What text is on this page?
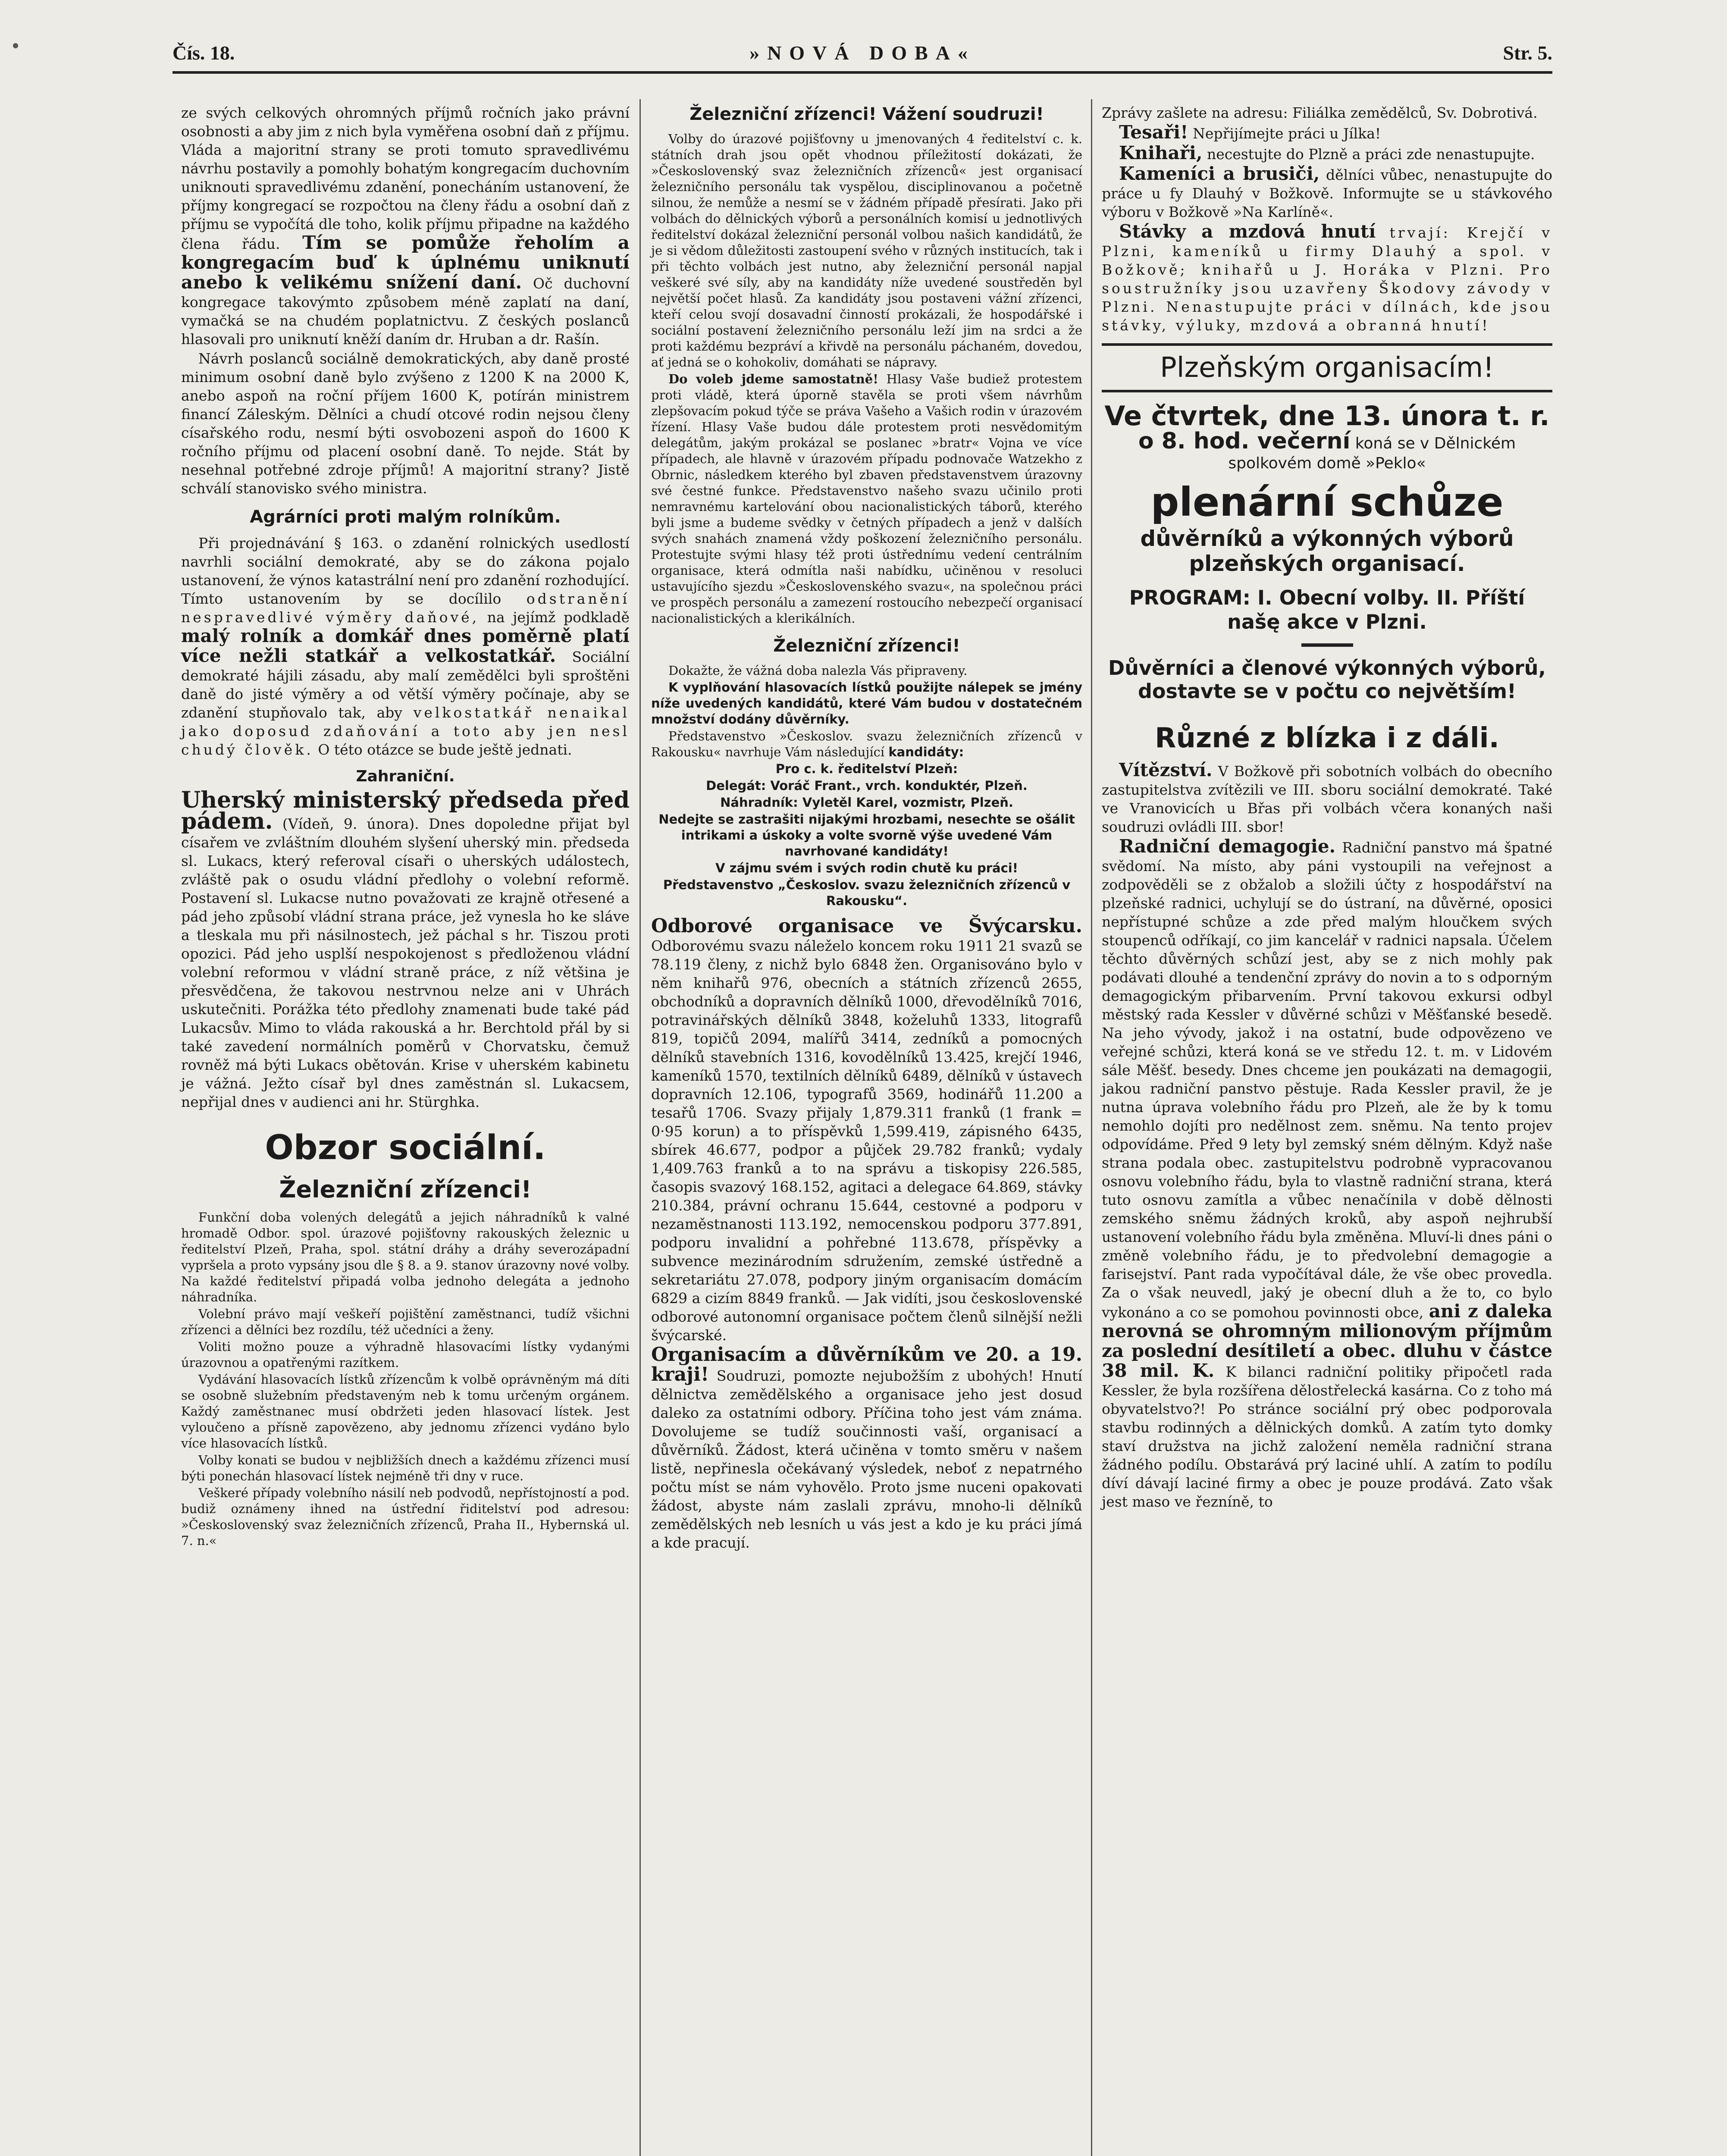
Čís. 18.	»NOVÁ DOBA«	Str. 5.

ze svých celkových ohromných příjmů ročních jako právní osobnosti a aby jim z nich byla vyměřena osobní daň z příjmu. Vláda a majoritní strany se proti tomuto spravedlivému návrhu postavily a pomohly bohatým kongregacím duchovním uniknouti spravedlivému zdanění, ponecháním ustanovení, že příjmy kongregací se rozpočtou na členy řádu a osobní daň z příjmu se vypočítá dle toho, kolik příjmu připadne na každého člena řádu. Tím se pomůže řeholím a kongregacím buď k úplnému uniknutí anebo k velikému snížení daní. Oč duchovní kongregace takovýmto způsobem méně zaplatí na daní, vymačká se na chudém poplatnictvu. Z českých poslanců hlasovali pro uniknutí kněží daním dr. Hruban a dr. Rašín.

Návrh poslanců sociálně demokratických, aby daně prosté minimum osobní daně bylo zvýšeno z 1200 K na 2000 K, anebo aspoň na roční příjem 1600 K, potírán ministrem financí Záleským. Dělníci a chudí otcové rodin nejsou členy císařského rodu, nesmí býti osvobozeni aspoň do 1600 K ročního příjmu od placení osobní daně. To nejde. Stát by nesehnal potřebné zdroje příjmů! A majoritní strany? Jistě schválí stanovisko svého ministra.

Agrárníci proti malým rolníkům.

Při projednávání § 163. o zdanění rolnických usedlostí navrhli sociální demokraté, aby se do zákona pojalo ustanovení, že výnos katastrální není pro zdanění rozhodující. Tímto ustanovením by se docílilo odstranění nespravedlivé výměry daňové, na jejímž podkladě malý rolník a domkář dnes poměrně platí více nežli statkář a velkostatkář. Sociální demokraté hájili zásadu, aby malí zemědělci byli sproštěni daně do jisté výměry a od větší výměry počínaje, aby se zdanění stupňovalo tak, aby velkostatkář nenaikal jako doposud zdaňování a toto aby jen nesl chudý člověk. O této otázce se bude ještě jednati.

Zahraniční.

Uherský ministerský předseda před pádem. (Vídeň, 9. února). Dnes dopoledne přijat byl císařem ve zvláštním dlouhém slyšení uherský min. předseda sl. Lukacs, který referoval císaři o uherských událostech, zvláště pak o osudu vládní předlohy o volební reformě. Postavení sl. Lukacse nutno považovati ze krajně otřesené a pád jeho způsobí vládní strana práce, jež vynesla ho ke sláve a tleskala mu při násilnostech, jež páchal s hr. Tiszou proti opozici. Pád jeho usplší nespokojenost s předloženou vládní volební reformou v vládní straně práce, z níž většina je přesvědčena, že takovou nestrvnou nelze ani v Uhrách uskutečniti. Porážka této předlohy znamenati bude také pád Lukacsův. Mimo to vláda rakouská a hr. Berchtold přál by si také zavedení normálních poměrů v Chorvatsku, čemuž rovněž má býti Lukacs obětován. Krise v uherském kabinetu je vážná. Ježto císař byl dnes zaměstnán sl. Lukacsem, nepřijal dnes v audienci ani hr. Stürghka.

Obzor sociální.
Železniční zřízenci!

Funkční doba volených delegátů a jejich náhradníků k valné hromadě Odbor. spol. úrazové pojišťovny rakouských železnic u ředitelství Plzeň, Praha, spol. státní dráhy a dráhy severozápadní vypršela a proto vypsány jsou dle § 8. a 9. stanov úrazovny nové volby. Na každé ředitelství připadá volba jednoho delegáta a jednoho náhradníka.

Volební právo mají veškeří pojištění zaměstnanci, tudíž všichni zřízenci a dělníci bez rozdílu, též učedníci a ženy.

Voliti možno pouze a výhradně hlasovacími lístky vydanými úrazovnou a opatřenými razítkem.

Vydávání hlasovacích lístků zřízencům k volbě oprávněným má díti se osobně služebním představeným neb k tomu určeným orgánem. Každý zaměstnanec musí obdržeti jeden hlasovací lístek. Jest vyloučeno a přísně zapovězeno, aby jednomu zřízenci vydáno bylo více hlasovacích lístků.

Volby konati se budou v nejbližších dnech a každému zřízenci musí býti ponechán hlasovací lístek nejméně tři dny v ruce.

Veškeré případy volebního násilí neb podvodů, nepřístojností a pod. budiž oznámeny ihned na ústřední řiditelství pod adresou: »Československý svaz železničních zřízenců, Praha II., Hybernská ul. 7. n.«

Železniční zřízenci! Vážení soudruzi!

Volby do úrazové pojišťovny u jmenovaných 4 ředitelství c. k. státních drah jsou opět vhodnou příležitostí dokázati, že »Československý svaz železničních zřízenců« jest organisací železničního personálu tak vyspělou, disciplinovanou a početně silnou, že nemůže a nesmí se v žádném případě přesírati. Jako při volbách do dělnických výborů a personálních komisí u jednotlivých ředitelství dokázal železniční personál volbou našich kandidátů, že je si vědom důležitosti zastoupení svého v různých institucích, tak i při těchto volbách jest nutno, aby železniční personál napjal veškeré své síly, aby na kandidáty níže uvedené soustředěn byl největší počet hlasů. Za kandidáty jsou postaveni vážní zřízenci, kteří celou svojí dosavadní činností prokázali, že hospodářské i sociální postavení železničního personálu leží jim na srdci a že proti každému bezpráví a křivdě na personálu páchaném, dovedou, ať jedná se o kohokoliv, domáhati se nápravy.

Do voleb jdeme samostatně! Hlasy Vaše budiež protestem proti vládě, která úporně stavěla se proti všem návrhům zlepšovacím pokud týče se práva Vašeho a Vašich rodin v úrazovém řízení. Hlasy Vaše budou dále protestem proti nesvědomitým delegátům, jakým prokázal se poslanec »bratr« Vojna ve více případech, ale hlavně v úrazovém případu podnovače Watzekho z Obrnic, následkem kterého byl zbaven představenstvem úrazovny své čestné funkce. Představenstvo našeho svazu učinilo proti nemravnému kartelování obou nacionalistických táborů, kterého byli jsme a budeme svědky v četných případech a jenž v dalších svých snahách znamená vždy poškození železničního personálu. Protestujte svými hlasy též proti ústřednímu vedení centrálním organisace, která odmítla naši nabídku, učiněnou v resoluci ustavujícího sjezdu »Československého svazu«, na společnou práci ve prospěch personálu a zamezení rostoucího nebezpečí organisací nacionalistických a klerikálních.

Železniční zřízenci!

Dokažte, že vážná doba nalezla Vás připraveny.

K vyplňování hlasovacích lístků použijte nálepek se jmény níže uvedených kandidátů, které Vám budou v dostatečném množství dodány důvěrníky.

Představenstvo »Českoslov. svazu železničních zřízenců v Rakousku« navrhuje Vám následující kandidáty:

Pro c. k. ředitelství Plzeň:

Delegát: Voráč Frant., vrch. konduktér, Plzeň.

Náhradník: Vyletěl Karel, vozmistr, Plzeň.

Nedejte se zastrašiti nijakými hrozbami, nesechte se ošálit intrikami a úskoky a volte svorně výše uvedené Vám navrhované kandidáty!

V zájmu svém i svých rodin chutě ku práci!

Představenstvo „Českoslov. svazu železničních zřízenců v Rakousku“.

Odborové organisace ve Švýcarsku. Odborovému svazu náleželo koncem roku 1911 21 svazů se 78.119 členy, z nichž bylo 6848 žen. Organisováno bylo v něm knihařů 976, obecních a státních zřízenců 2655, obchodníků a dopravních dělníků 1000, dřevodělníků 7016, potravinářských dělníků 3848, koželuhů 1333, litografů 819, topičů 2094, malířů 3414, zedníků a pomocných dělníků stavebních 1316, kovodělníků 13.425, krejčí 1946, kameníků 1570, textilních dělníků 6489, dělníků v ústavech dopravních 12.106, typografů 3569, hodinářů 11.200 a tesařů 1706. Svazy přijaly 1,879.311 franků (1 frank = 0·95 korun) a to příspěvků 1,599.419, zápisného 6435, sbírek 46.677, podpor a půjček 29.782 franků; vydaly 1,409.763 franků a to na správu a tiskopisy 226.585, časopis svazový 168.152, agitaci a delegace 64.869, stávky 210.384, právní ochranu 15.644, cestovné a podporu v nezaměstnanosti 113.192, nemocenskou podporu 377.891, podporu invalidní a pohřebné 113.678, příspěvky a subvence mezinárodním sdružením, zemské ústředně a sekretariátu 27.078, podpory jiným organisacím domácím 6829 a cizím 8849 franků. — Jak vidíti, jsou československé odborové autonomní organisace počtem členů silnější nežli švýcarské.

Organisacím a důvěrníkům ve 20. a 19. kraji! Soudruzi, pomozte nejubožším z ubohých! Hnutí dělnictva zemědělského a organisace jeho jest dosud daleko za ostatními odbory. Příčina toho jest vám známa. Dovolujeme se tudíž součinnosti vaší, organisací a důvěrníků. Žádost, která učiněna v tomto směru v našem listě, nepřinesla očekávaný výsledek, neboť z nepatrného počtu míst se nám vyhovělo. Proto jsme nuceni opakovati žádost, abyste nám zaslali zprávu, mnoho-li dělníků zemědělských neb lesních u vás jest a kdo je ku práci jímá a kde pracují.

Zprávy zašlete na adresu: Filiálka zemědělců, Sv. Dobrotivá.

Tesaři! Nepřijímejte práci u Jílka!

Knihaři, necestujte do Plzně a práci zde nenastupujte.

Kameníci a brusiči, dělníci vůbec, nenastupujte do práce u fy Dlauhý v Božkově. Informujte se u stávkového výboru v Božkově »Na Karlíně«.

Stávky a mzdová hnutí trvají: Krejčí v Plzni, kameníků u firmy Dlauhý a spol. v Božkově; knihařů u J. Horáka v Plzni. Pro soustružníky jsou uzavřeny Škodovy závody v Plzni. Nenastupujte práci v dílnách, kde jsou stávky, výluky, mzdová a obranná hnutí!

Plzeňským organisacím!
Ve čtvrtek, dne 13. února t. r.
o 8. hod. večerní koná se v Dělnickém spolkovém domě »Peklo«
plenární schůze
důvěrníků a výkonných výborů plzeňských organisací.
PROGRAM: I. Obecní volby. II. Příští našę akce v Plzni.
Důvěrníci a členové výkonných výborů, dostavte se v počtu co největším!
Různé z blízka i z dáli.

Vítězství. V Božkově při sobotních volbách do obecního zastupitelstva zvítězili ve III. sboru sociální demokraté. Také ve Vranovicích u Břas při volbách včera konaných naši soudruzi ovládli III. sbor!

Radniční demagogie. Radniční panstvo má špatné svědomí. Na místo, aby páni vystoupili na veřejnost a zodpověděli se z obžalob a složili účty z hospodářství na plzeňské radnici, uchylují se do ústraní, na důvěrné, oposici nepřístupné schůze a zde před malým hloučkem svých stoupenců odříkají, co jim kancelář v radnici napsala. Účelem těchto důvěrných schůzí jest, aby se z nich mohly pak podávati dlouhé a tendenční zprávy do novin a to s odporným demagogickým přibarvením. První takovou exkursi odbyl městský rada Kessler v důvěrné schůzi v Měšťanské besedě. Na jeho vývody, jakož i na ostatní, bude odpovězeno ve veřejné schůzi, která koná se ve středu 12. t. m. v Lidovém sále Měšť. besedy. Dnes chceme jen poukázati na demagogii, jakou radniční panstvo pěstuje. Rada Kessler pravil, že je nutna úprava volebního řádu pro Plzeň, ale že by k tomu nemohlo dojíti pro nedělnost zem. sněmu. Na tento projev odpovídáme. Před 9 lety byl zemský sném dělným. Když naše strana podala obec. zastupitelstvu podrobně vypracovanou osnovu volebního řádu, byla to vlastně radniční strana, která tuto osnovu zamítla a vůbec nenačínila v době dělnosti zemského sněmu žádných kroků, aby aspoň nejhrubší ustanovení volebního řádu byla změněna. Mluví-li dnes páni o změně volebního řádu, je to předvolební demagogie a farisejství. Pant rada vypočítával dále, že vše obec provedla. Za o však neuvedl, jaký je obecní dluh a že to, co bylo vykonáno a co se pomohou povinnosti obce, ani z daleka nerovná se ohromným milionovým příjmům za poslední desítiletí a obec. dluhu v částce 38 mil. K. K bilanci radniční politiky připočetl rada Kessler, že byla rozšířena dělostřelecká kasárna. Co z toho má obyvatelstvo?! Po stránce sociální prý obec podporovala stavbu rodinných a dělnických domků. A zatím tyto domky staví družstva na jichž založení neměla radniční strana žádného podílu. Obstarává prý laciné uhlí. A zatím to podílu díví dávají laciné firmy a obec je pouze prodává. Zato však jest maso ve řezníně, to
